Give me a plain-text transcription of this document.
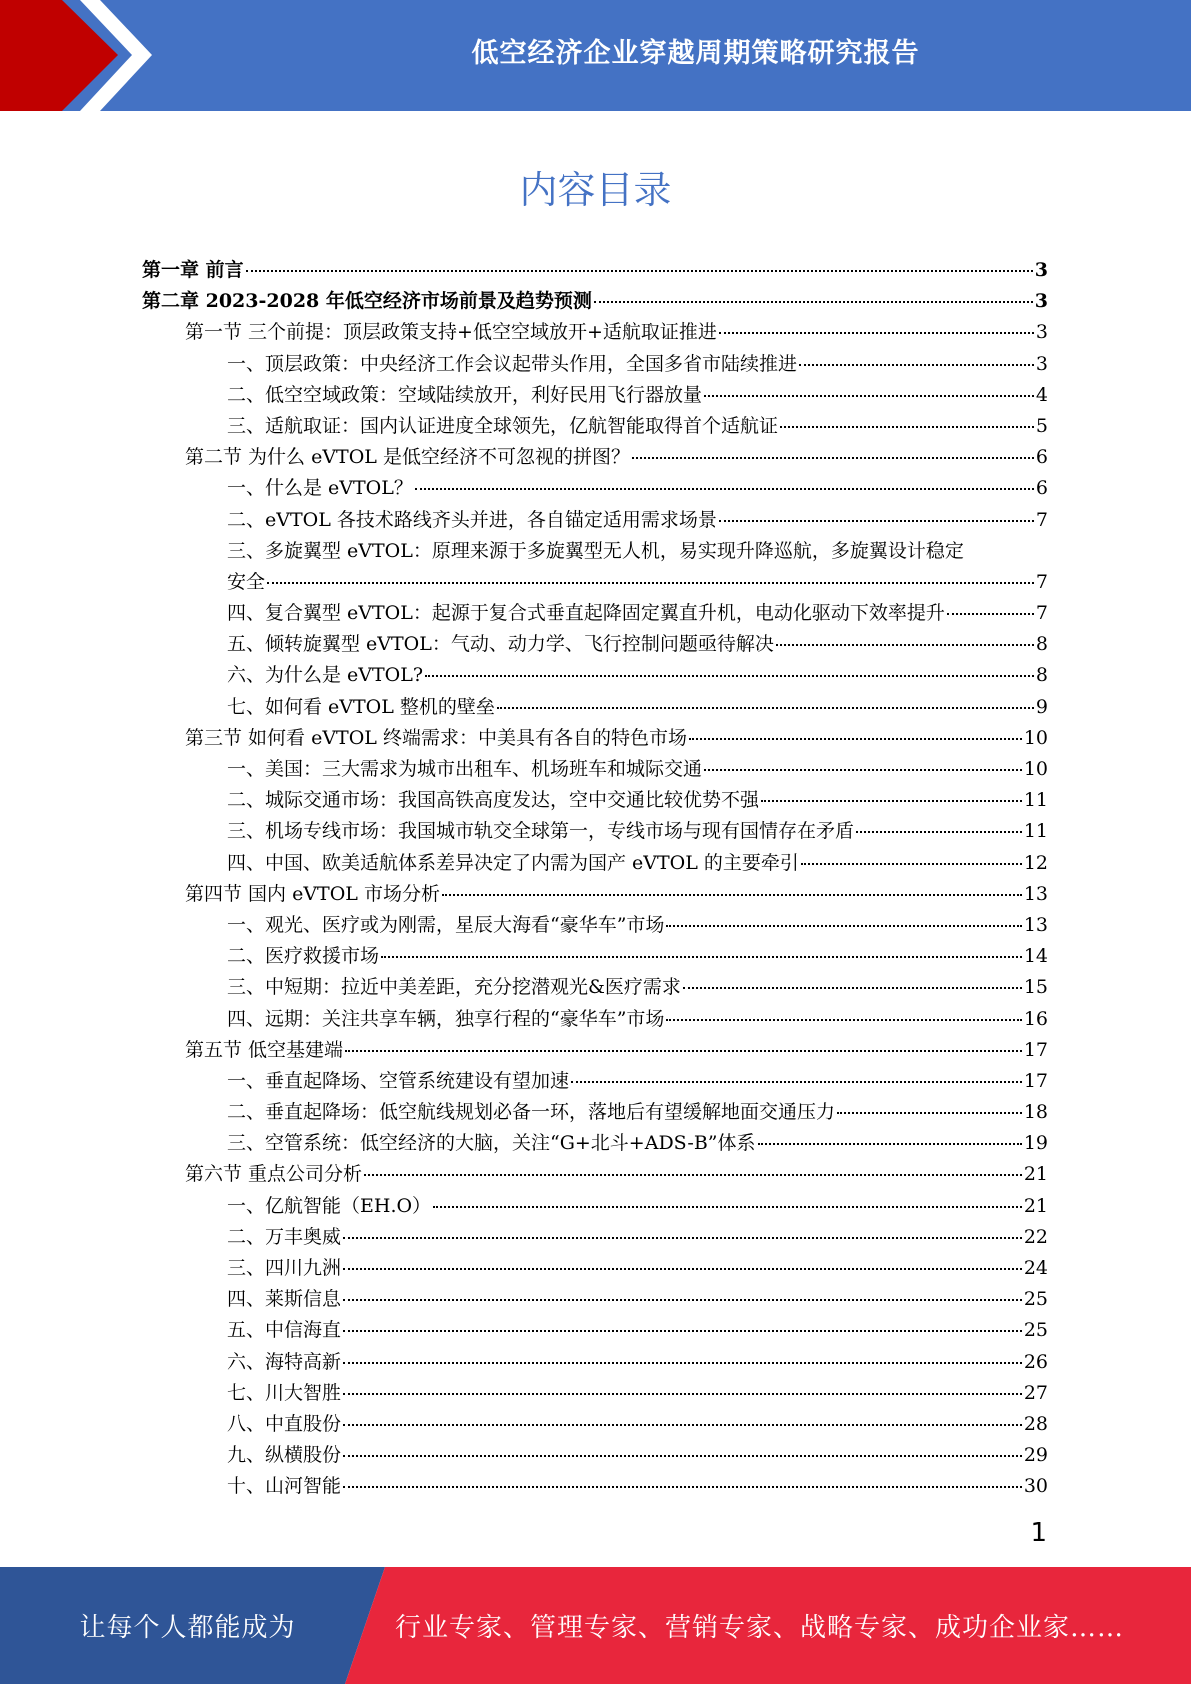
低空经济企业穿越周期策略研究报告
内容目录
第一章 前言	3
第二章 2023-2028 年低空经济市场前景及趋势预测	3
第一节 三个前提：顶层政策支持+低空空域放开+适航取证推进	3
一、顶层政策：中央经济工作会议起带头作用，全国多省市陆续推进	3
二、低空空域政策：空域陆续放开，利好民用飞行器放量	4
三、适航取证：国内认证进度全球领先，亿航智能取得首个适航证	5
第二节 为什么 eVTOL 是低空经济不可忽视的拼图？	6
一、什么是 eVTOL？	6
二、eVTOL 各技术路线齐头并进，各自锚定适用需求场景	7
三、多旋翼型 eVTOL：原理来源于多旋翼型无人机，易实现升降巡航，多旋翼设计稳定
安全	7
四、复合翼型 eVTOL：起源于复合式垂直起降固定翼直升机，电动化驱动下效率提升	7
五、倾转旋翼型 eVTOL：气动、动力学、飞行控制问题亟待解决	8
六、为什么是 eVTOL?	8
七、如何看 eVTOL 整机的壁垒	9
第三节 如何看 eVTOL 终端需求：中美具有各自的特色市场	10
一、美国：三大需求为城市出租车、机场班车和城际交通	10
二、城际交通市场：我国高铁高度发达，空中交通比较优势不强	11
三、机场专线市场：我国城市轨交全球第一，专线市场与现有国情存在矛盾	11
四、中国、欧美适航体系差异决定了内需为国产 eVTOL 的主要牵引	12
第四节 国内 eVTOL 市场分析	13
一、观光、医疗或为刚需，星辰大海看“豪华车”市场	13
二、医疗救援市场	14
三、中短期：拉近中美差距，充分挖潜观光&医疗需求	15
四、远期：关注共享车辆，独享行程的“豪华车”市场	16
第五节 低空基建端	17
一、垂直起降场、空管系统建设有望加速	17
二、垂直起降场：低空航线规划必备一环，落地后有望缓解地面交通压力	18
三、空管系统：低空经济的大脑，关注“G+北斗+ADS-B”体系	19
第六节 重点公司分析	21
一、亿航智能（EH.O）	21
二、万丰奥威	22
三、四川九洲	24
四、莱斯信息	25
五、中信海直	25
六、海特高新	26
七、川大智胜	27
八、中直股份	28
九、纵横股份	29
十、山河智能	30
1
让每个人都能成为	行业专家、管理专家、营销专家、战略专家、成功企业家……
